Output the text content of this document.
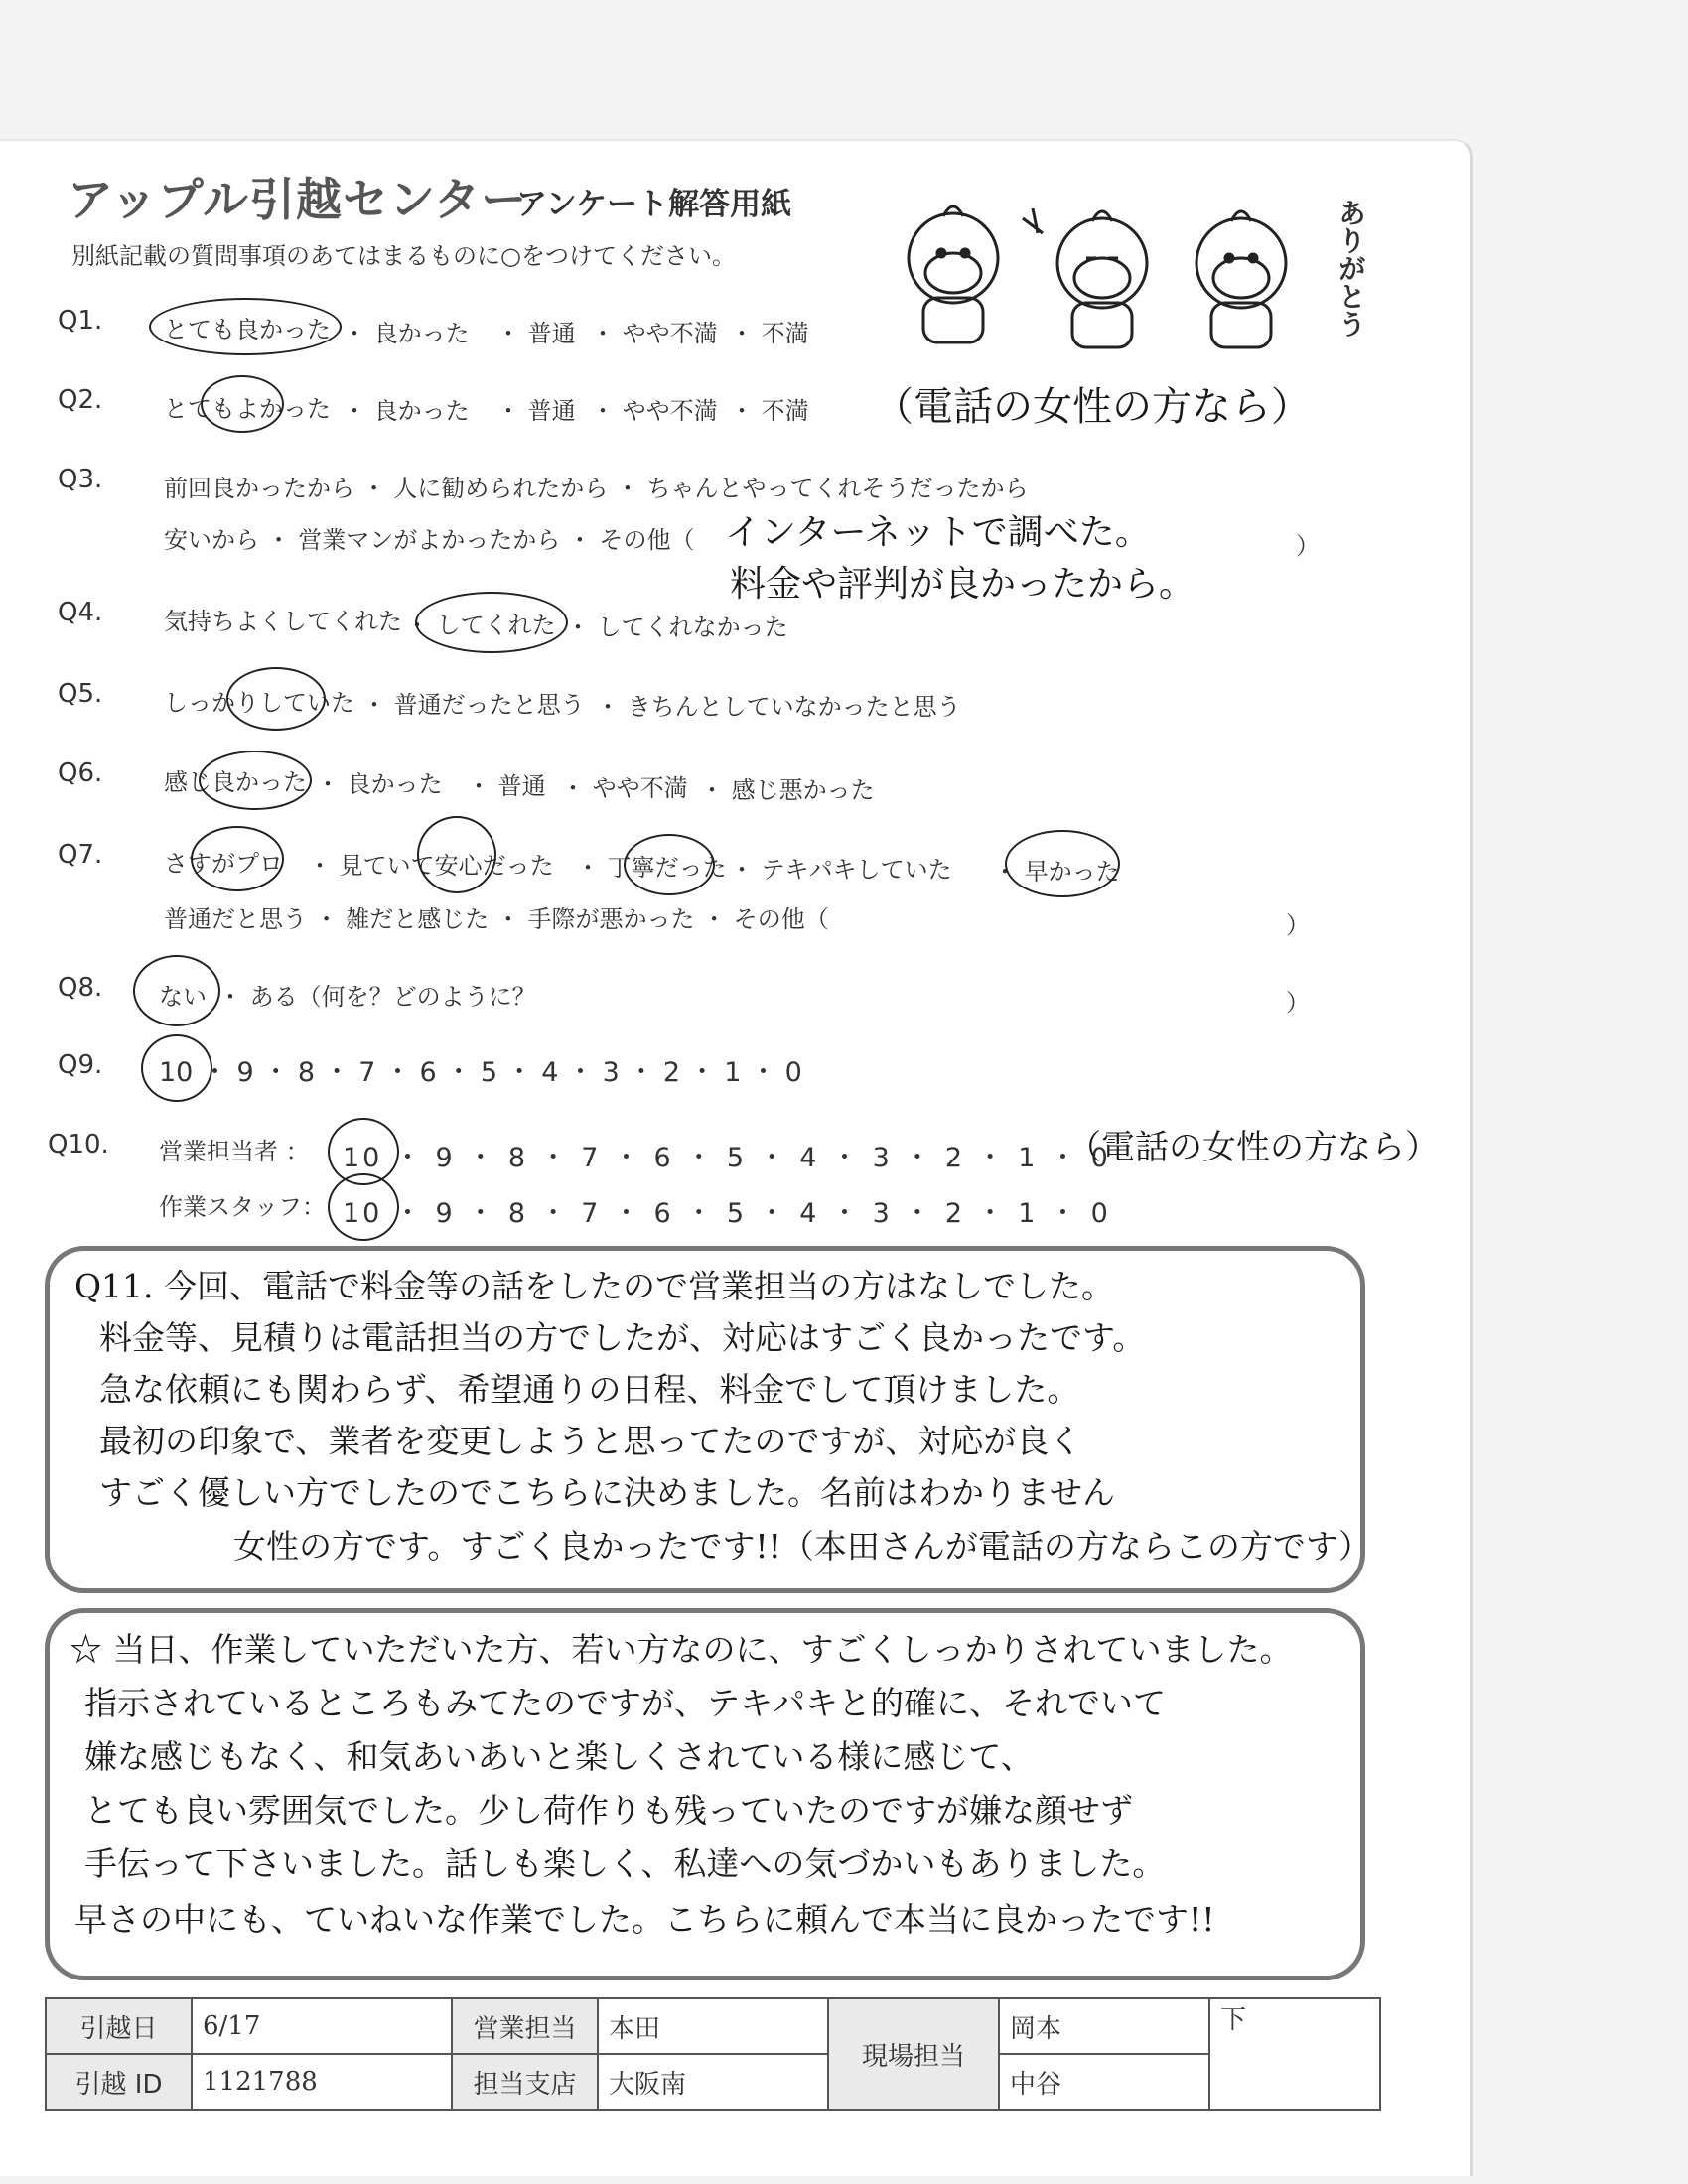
アップル引越センター
アンケート解答用紙
別紙記載の質問事項のあてはまるものに○をつけてください。	ありがとう
Q1.	とても良かった ・ 良かった ・ 普通 ・ やや不満 ・ 不満
Q2.	とてもよかった ・ 良かった ・ 普通 ・ やや不満 ・ 不満 （電話の女性の方なら）
Q3.	前回良かったから ・ 人に勧められたから ・ ちゃんとやってくれそうだったから
安いから ・ 営業マンがよかったから ・ その他（	）
インターネットで調べた。
料金や評判が良かったから。
Q4.	気持ちよくしてくれた ・ してくれた ・ してくれなかった
Q5.	しっかりしていた ・ 普通だったと思う ・ きちんとしていなかったと思う
Q6.	感じ良かった ・ 良かった ・ 普通 ・ やや不満 ・ 感じ悪かった
Q7.	さすがプロ ・ 見ていて安心だった ・ 丁寧だった ・ テキパキしていた ・ 早かった
普通だと思う ・ 雑だと感じた ・ 手際が悪かった ・ その他（	）
Q8. ない ・ ある（何を？どのように？	）
Q9. 10 ・ 9 ・ 8 ・ 7 ・ 6 ・ 5 ・ 4 ・ 3 ・ 2 ・ 1 ・ 0
Q10. 営業担当者 ： 10 ・ 9 ・ 8 ・ 7 ・ 6 ・ 5 ・ 4 ・ 3 ・ 2 ・ 1 ・ 0
（電話の女性の方なら）
作業スタッフ： 10 ・ 9 ・ 8 ・ 7 ・ 6 ・ 5 ・ 4 ・ 3 ・ 2 ・ 1 ・ 0
Q11. 今回、電話で料金等の話をしたので営業担当の方はなしでした。
料金等、見積りは電話担当の方でしたが、対応はすごく良かったです。
急な依頼にも関わらず、希望通りの日程、料金でして頂けました。
最初の印象で、業者を変更しようと思ってたのですが、対応が良く
すごく優しい方でしたのでこちらに決めました。名前はわかりません
女性の方です。すごく良かったです!!（本田さんが電話の方ならこの方です）
☆ 当日、作業していただいた方、若い方なのに、すごくしっかりされていました。
指示されているところもみてたのですが、テキパキと的確に、それでいて
嫌な感じもなく、和気あいあいと楽しくされている様に感じて、
とても良い雰囲気でした。少し荷作りも残っていたのですが嫌な顔せず
手伝って下さいました。話しも楽しく、私達への気づかいもありました。
早さの中にも、ていねいな作業でした。こちらに頼んで本当に良かったです!!
引越日	6/17	営業担当	本田	現場担当	岡本	下
引越 ID	1121788	担当支店	大阪南		中谷	
